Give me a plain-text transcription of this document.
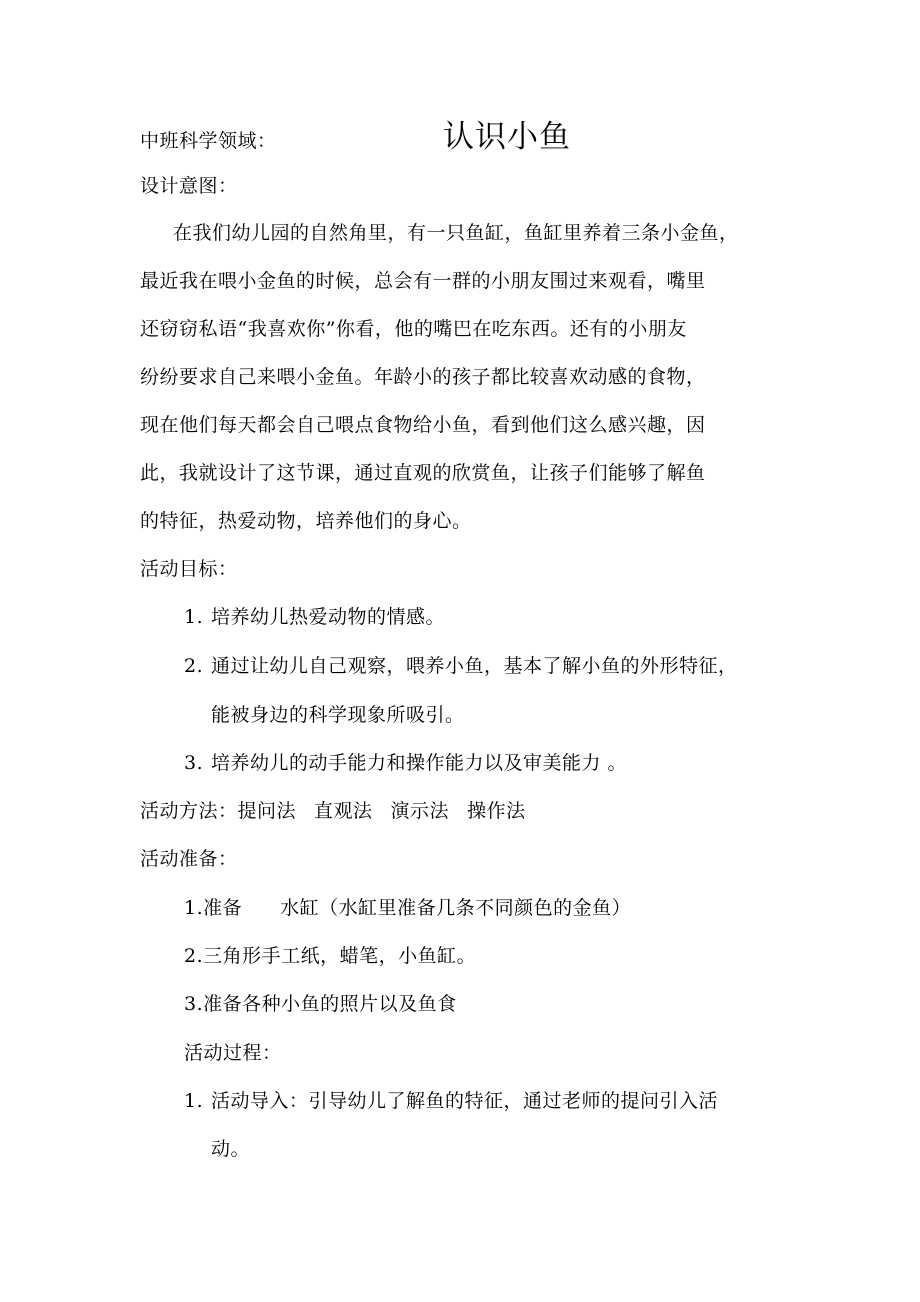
中班科学领域：	认识小鱼
设计意图：
在我们幼儿园的自然角里，有一只鱼缸，鱼缸里养着三条小金鱼，
最近我在喂小金鱼的时候，总会有一群的小朋友围过来观看，嘴里
还窃窃私语“我喜欢你”你看，他的嘴巴在吃东西。还有的小朋友
纷纷要求自己来喂小金鱼。年龄小的孩子都比较喜欢动感的食物，
现在他们每天都会自己喂点食物给小鱼，看到他们这么感兴趣，因
此，我就设计了这节课，通过直观的欣赏鱼，让孩子们能够了解鱼
的特征，热爱动物，培养他们的身心。
活动目标：
1. 培养幼儿热爱动物的情感。
2. 通过让幼儿自己观察，喂养小鱼，基本了解小鱼的外形特征，
能被身边的科学现象所吸引。
3. 培养幼儿的动手能力和操作能力以及审美能力 。
活动方法：提问法 直观法 演示法 操作法
活动准备：
1.准备 水缸（水缸里准备几条不同颜色的金鱼）
2.三角形手工纸，蜡笔，小鱼缸。
3.准备各种小鱼的照片以及鱼食
活动过程：
1. 活动导入：引导幼儿了解鱼的特征，通过老师的提问引入活
动。
